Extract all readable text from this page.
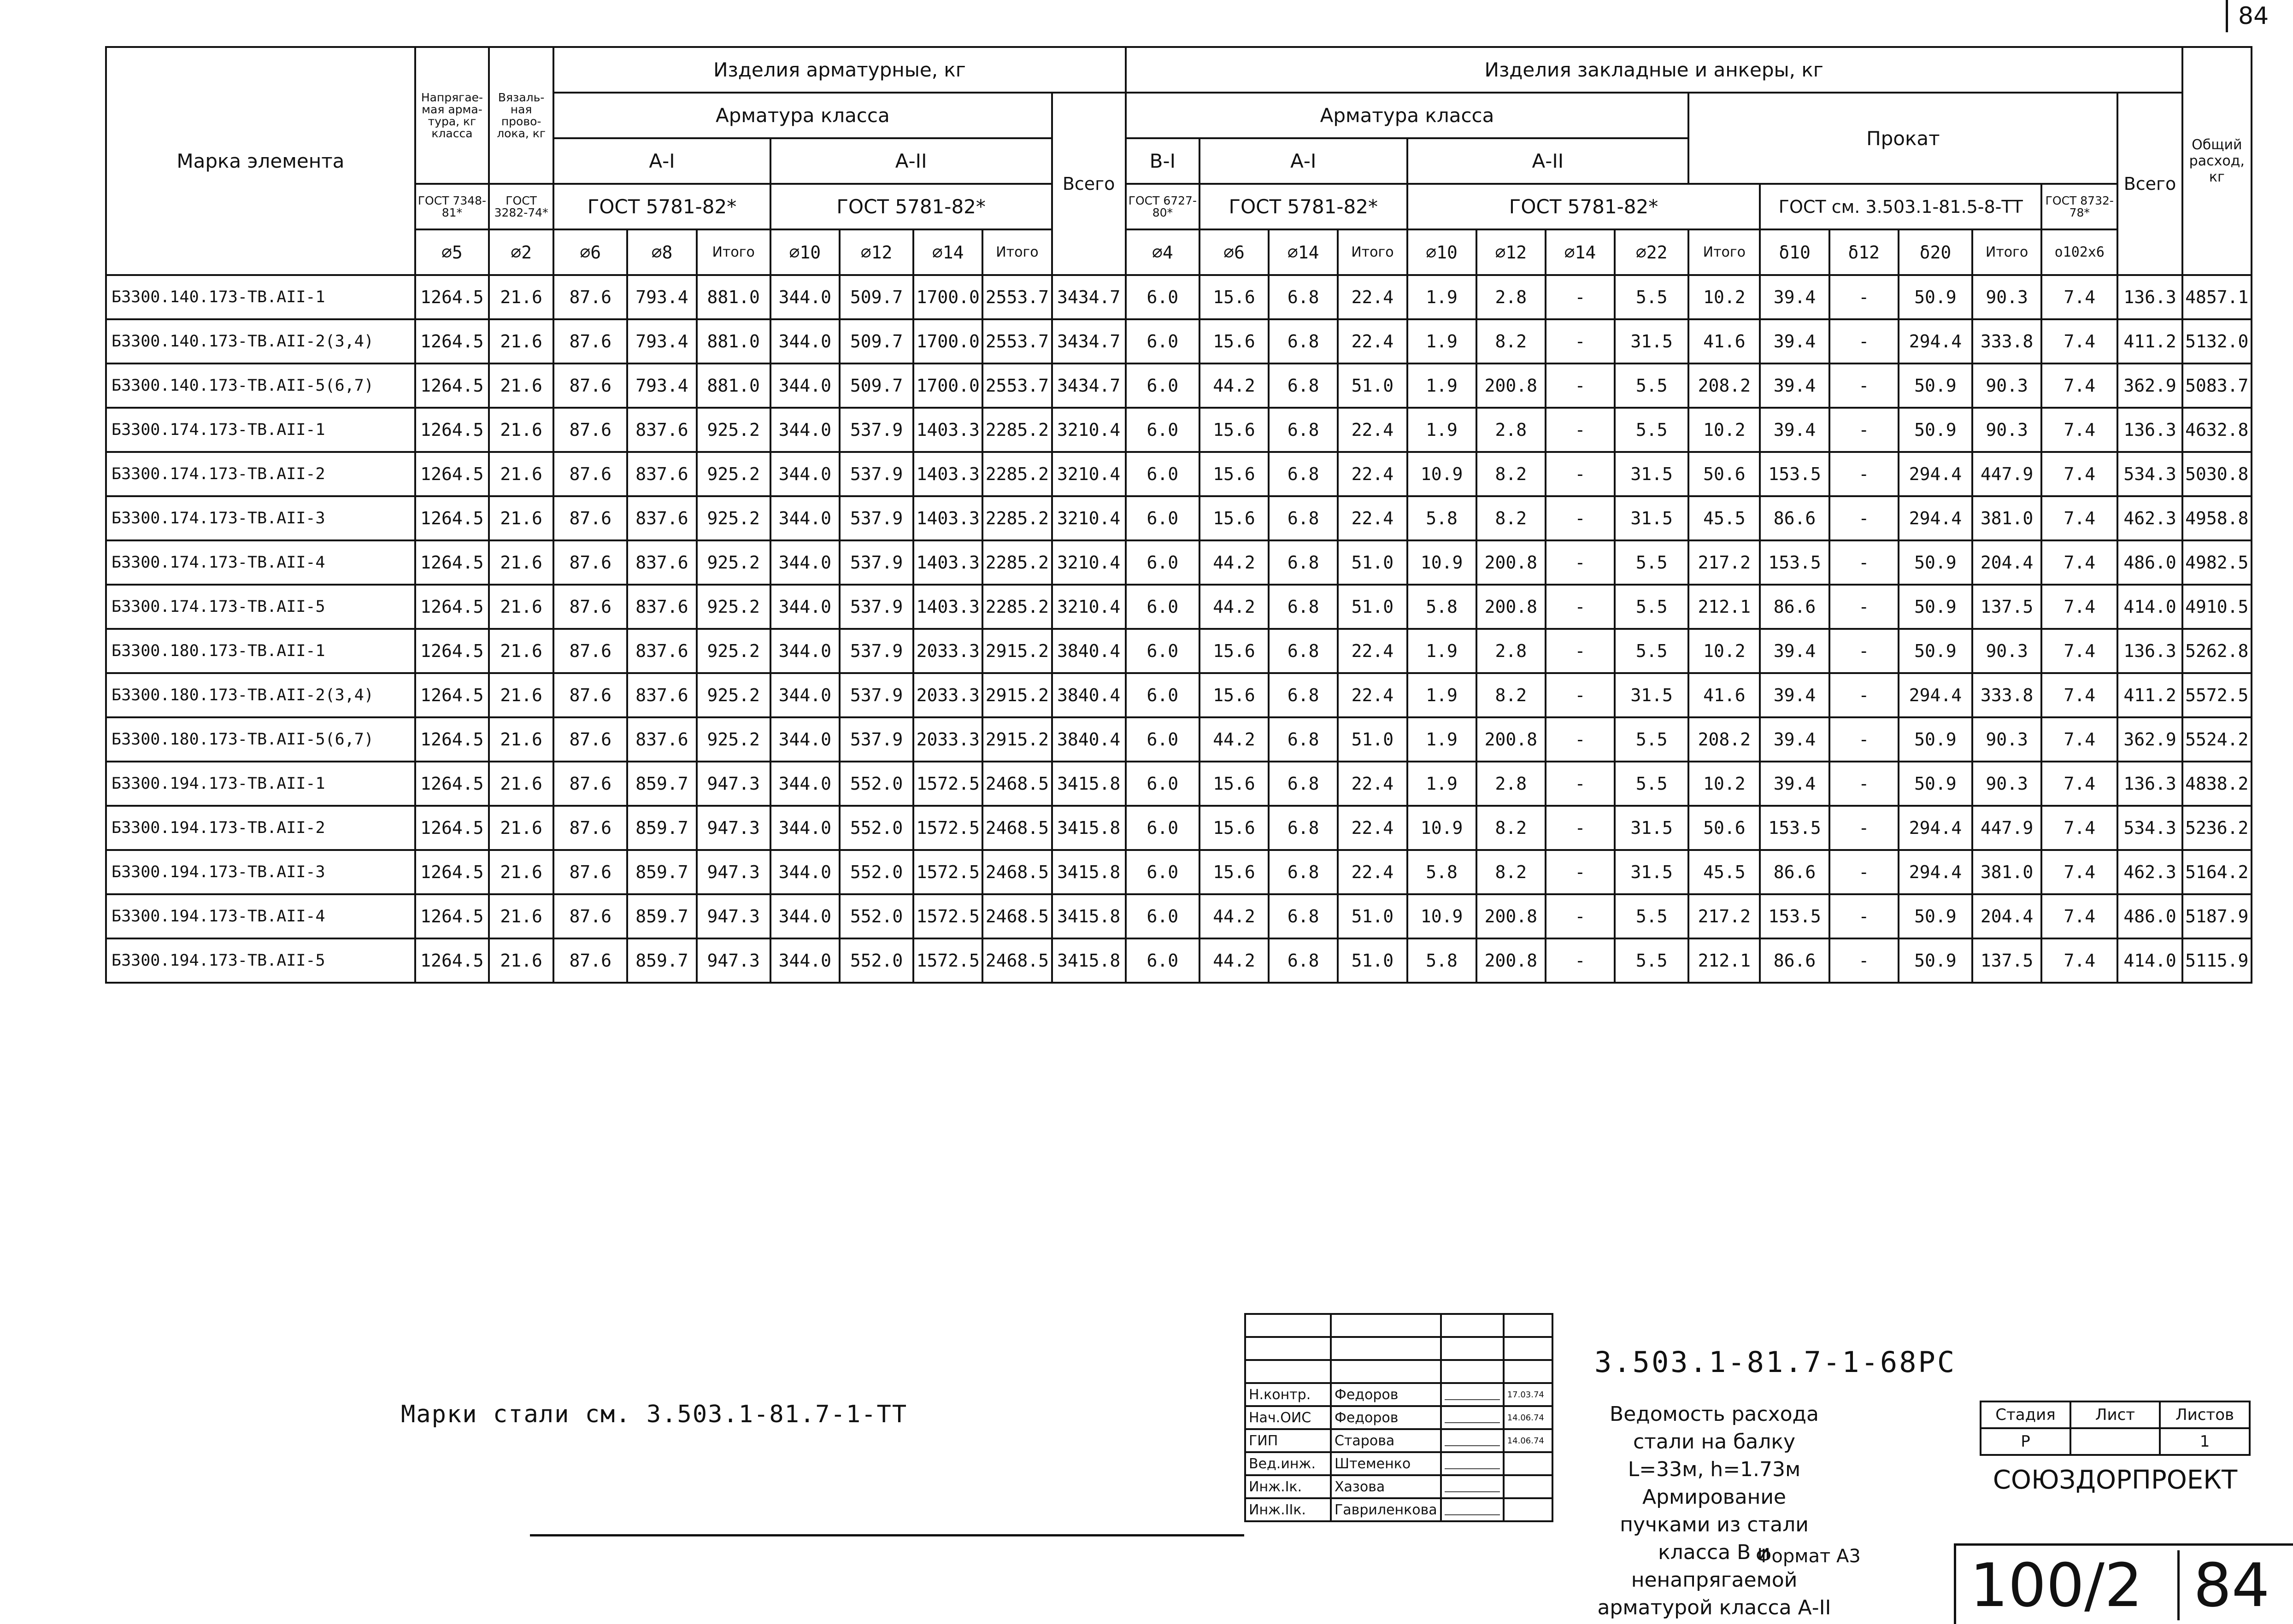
84
Марка элемента	Напрягае-мая арма-тура, кг класса	Вязаль-ная прово-лока, кг	Изделия арматурные, кг								Изделия закладные и анкеры, кг															Общий расход, кг
			Арматура класса							Всего	Арматура класса								Прокат						Всего	
			А-I			А-II					В-I	А-I			А-II											
	ГОСТ 7348-81*	ГОСТ 3282-74*	ГОСТ 5781-82*			ГОСТ 5781-82*					ГОСТ 6727-80*	ГОСТ 5781-82*			ГОСТ 5781-82*					ГОСТ см. 3.503.1-81.5-8-ТТ				ГОСТ 8732-78*		
	⌀5	⌀2	⌀6	⌀8	Итого	⌀10	⌀12	⌀14	Итого		⌀4	⌀6	⌀14	Итого	⌀10	⌀12	⌀14	⌀22	Итого	δ10	δ12	δ20	Итого	o102x6		
Б3300.140.173-ТВ.АII-1	1264.5	21.6	87.6	793.4	881.0	344.0	509.7	1700.0	2553.7	3434.7	6.0	15.6	6.8	22.4	1.9	2.8	-	5.5	10.2	39.4	-	50.9	90.3	7.4	136.3	4857.1
Б3300.140.173-ТВ.АII-2(3,4)	1264.5	21.6	87.6	793.4	881.0	344.0	509.7	1700.0	2553.7	3434.7	6.0	15.6	6.8	22.4	1.9	8.2	-	31.5	41.6	39.4	-	294.4	333.8	7.4	411.2	5132.0
Б3300.140.173-ТВ.АII-5(6,7)	1264.5	21.6	87.6	793.4	881.0	344.0	509.7	1700.0	2553.7	3434.7	6.0	44.2	6.8	51.0	1.9	200.8	-	5.5	208.2	39.4	-	50.9	90.3	7.4	362.9	5083.7
Б3300.174.173-ТВ.АII-1	1264.5	21.6	87.6	837.6	925.2	344.0	537.9	1403.3	2285.2	3210.4	6.0	15.6	6.8	22.4	1.9	2.8	-	5.5	10.2	39.4	-	50.9	90.3	7.4	136.3	4632.8
Б3300.174.173-ТВ.АII-2	1264.5	21.6	87.6	837.6	925.2	344.0	537.9	1403.3	2285.2	3210.4	6.0	15.6	6.8	22.4	10.9	8.2	-	31.5	50.6	153.5	-	294.4	447.9	7.4	534.3	5030.8
Б3300.174.173-ТВ.АII-3	1264.5	21.6	87.6	837.6	925.2	344.0	537.9	1403.3	2285.2	3210.4	6.0	15.6	6.8	22.4	5.8	8.2	-	31.5	45.5	86.6	-	294.4	381.0	7.4	462.3	4958.8
Б3300.174.173-ТВ.АII-4	1264.5	21.6	87.6	837.6	925.2	344.0	537.9	1403.3	2285.2	3210.4	6.0	44.2	6.8	51.0	10.9	200.8	-	5.5	217.2	153.5	-	50.9	204.4	7.4	486.0	4982.5
Б3300.174.173-ТВ.АII-5	1264.5	21.6	87.6	837.6	925.2	344.0	537.9	1403.3	2285.2	3210.4	6.0	44.2	6.8	51.0	5.8	200.8	-	5.5	212.1	86.6	-	50.9	137.5	7.4	414.0	4910.5
Б3300.180.173-ТВ.АII-1	1264.5	21.6	87.6	837.6	925.2	344.0	537.9	2033.3	2915.2	3840.4	6.0	15.6	6.8	22.4	1.9	2.8	-	5.5	10.2	39.4	-	50.9	90.3	7.4	136.3	5262.8
Б3300.180.173-ТВ.АII-2(3,4)	1264.5	21.6	87.6	837.6	925.2	344.0	537.9	2033.3	2915.2	3840.4	6.0	15.6	6.8	22.4	1.9	8.2	-	31.5	41.6	39.4	-	294.4	333.8	7.4	411.2	5572.5
Б3300.180.173-ТВ.АII-5(6,7)	1264.5	21.6	87.6	837.6	925.2	344.0	537.9	2033.3	2915.2	3840.4	6.0	44.2	6.8	51.0	1.9	200.8	-	5.5	208.2	39.4	-	50.9	90.3	7.4	362.9	5524.2
Б3300.194.173-ТВ.АII-1	1264.5	21.6	87.6	859.7	947.3	344.0	552.0	1572.5	2468.5	3415.8	6.0	15.6	6.8	22.4	1.9	2.8	-	5.5	10.2	39.4	-	50.9	90.3	7.4	136.3	4838.2
Б3300.194.173-ТВ.АII-2	1264.5	21.6	87.6	859.7	947.3	344.0	552.0	1572.5	2468.5	3415.8	6.0	15.6	6.8	22.4	10.9	8.2	-	31.5	50.6	153.5	-	294.4	447.9	7.4	534.3	5236.2
Б3300.194.173-ТВ.АII-3	1264.5	21.6	87.6	859.7	947.3	344.0	552.0	1572.5	2468.5	3415.8	6.0	15.6	6.8	22.4	5.8	8.2	-	31.5	45.5	86.6	-	294.4	381.0	7.4	462.3	5164.2
Б3300.194.173-ТВ.АII-4	1264.5	21.6	87.6	859.7	947.3	344.0	552.0	1572.5	2468.5	3415.8	6.0	44.2	6.8	51.0	10.9	200.8	-	5.5	217.2	153.5	-	50.9	204.4	7.4	486.0	5187.9
Б3300.194.173-ТВ.АII-5	1264.5	21.6	87.6	859.7	947.3	344.0	552.0	1572.5	2468.5	3415.8	6.0	44.2	6.8	51.0	5.8	200.8	-	5.5	212.1	86.6	-	50.9	137.5	7.4	414.0	5115.9
Марки стали см. 3.503.1-81.7-1-ТТ

Н.контр.	Федоров		17.03.74
Нач.ОИС	Федоров		14.06.74
ГИП	Старова		14.06.74
Вед.инж.	Штеменко		
Инж.Iк.	Хазова		
Инж.IIк.	Гавриленкова		
3.503.1-81.7-1-68РС
Ведомость расхода стали на балку L=33м, h=1.73м Армирование пучками из стали класса В и ненапрягаемой арматурой класса А-II
Стадия	Лист	Листов
Р		1
СОЮЗДОРПРОЕКТ
Формат А3 100/2 84
